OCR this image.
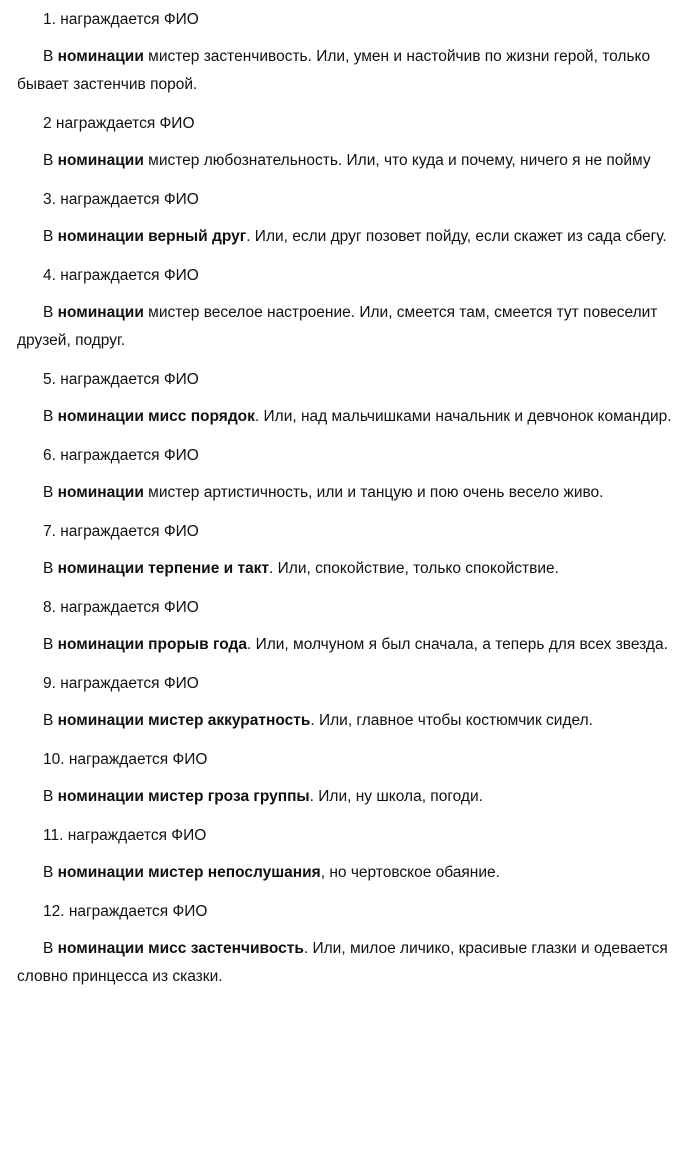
1. награждается ФИО

В номинации мистер застенчивость. Или, умен и настойчив по жизни герой, только бывает застенчив порой.

2 награждается ФИО

В номинации мистер любознательность. Или, что куда и почему, ничего я не пойму

3. награждается ФИО

В номинации верный друг. Или, если друг позовет пойду, если скажет из сада сбегу.

4. награждается ФИО

В номинации мистер веселое настроение. Или, смеется там, смеется тут повеселит друзей, подруг.

5. награждается ФИО

В номинации мисс порядок. Или, над мальчишками начальник и девчонок командир.

6. награждается ФИО

В номинации мистер артистичность, или и танцую и пою очень весело живо.

7. награждается ФИО

В номинации терпение и такт. Или, спокойствие, только спокойствие.

8. награждается ФИО

В номинации прорыв года. Или, молчуном я был сначала, а теперь для всех звезда.

9. награждается ФИО

В номинации мистер аккуратность. Или, главное чтобы костюмчик сидел.

10. награждается ФИО

В номинации мистер гроза группы. Или, ну школа, погоди.

11. награждается ФИО

В номинации мистер непослушания, но чертовское обаяние.

12. награждается ФИО

В номинации мисс застенчивость. Или, милое личико, красивые глазки и одевается словно принцесса из сказки.
